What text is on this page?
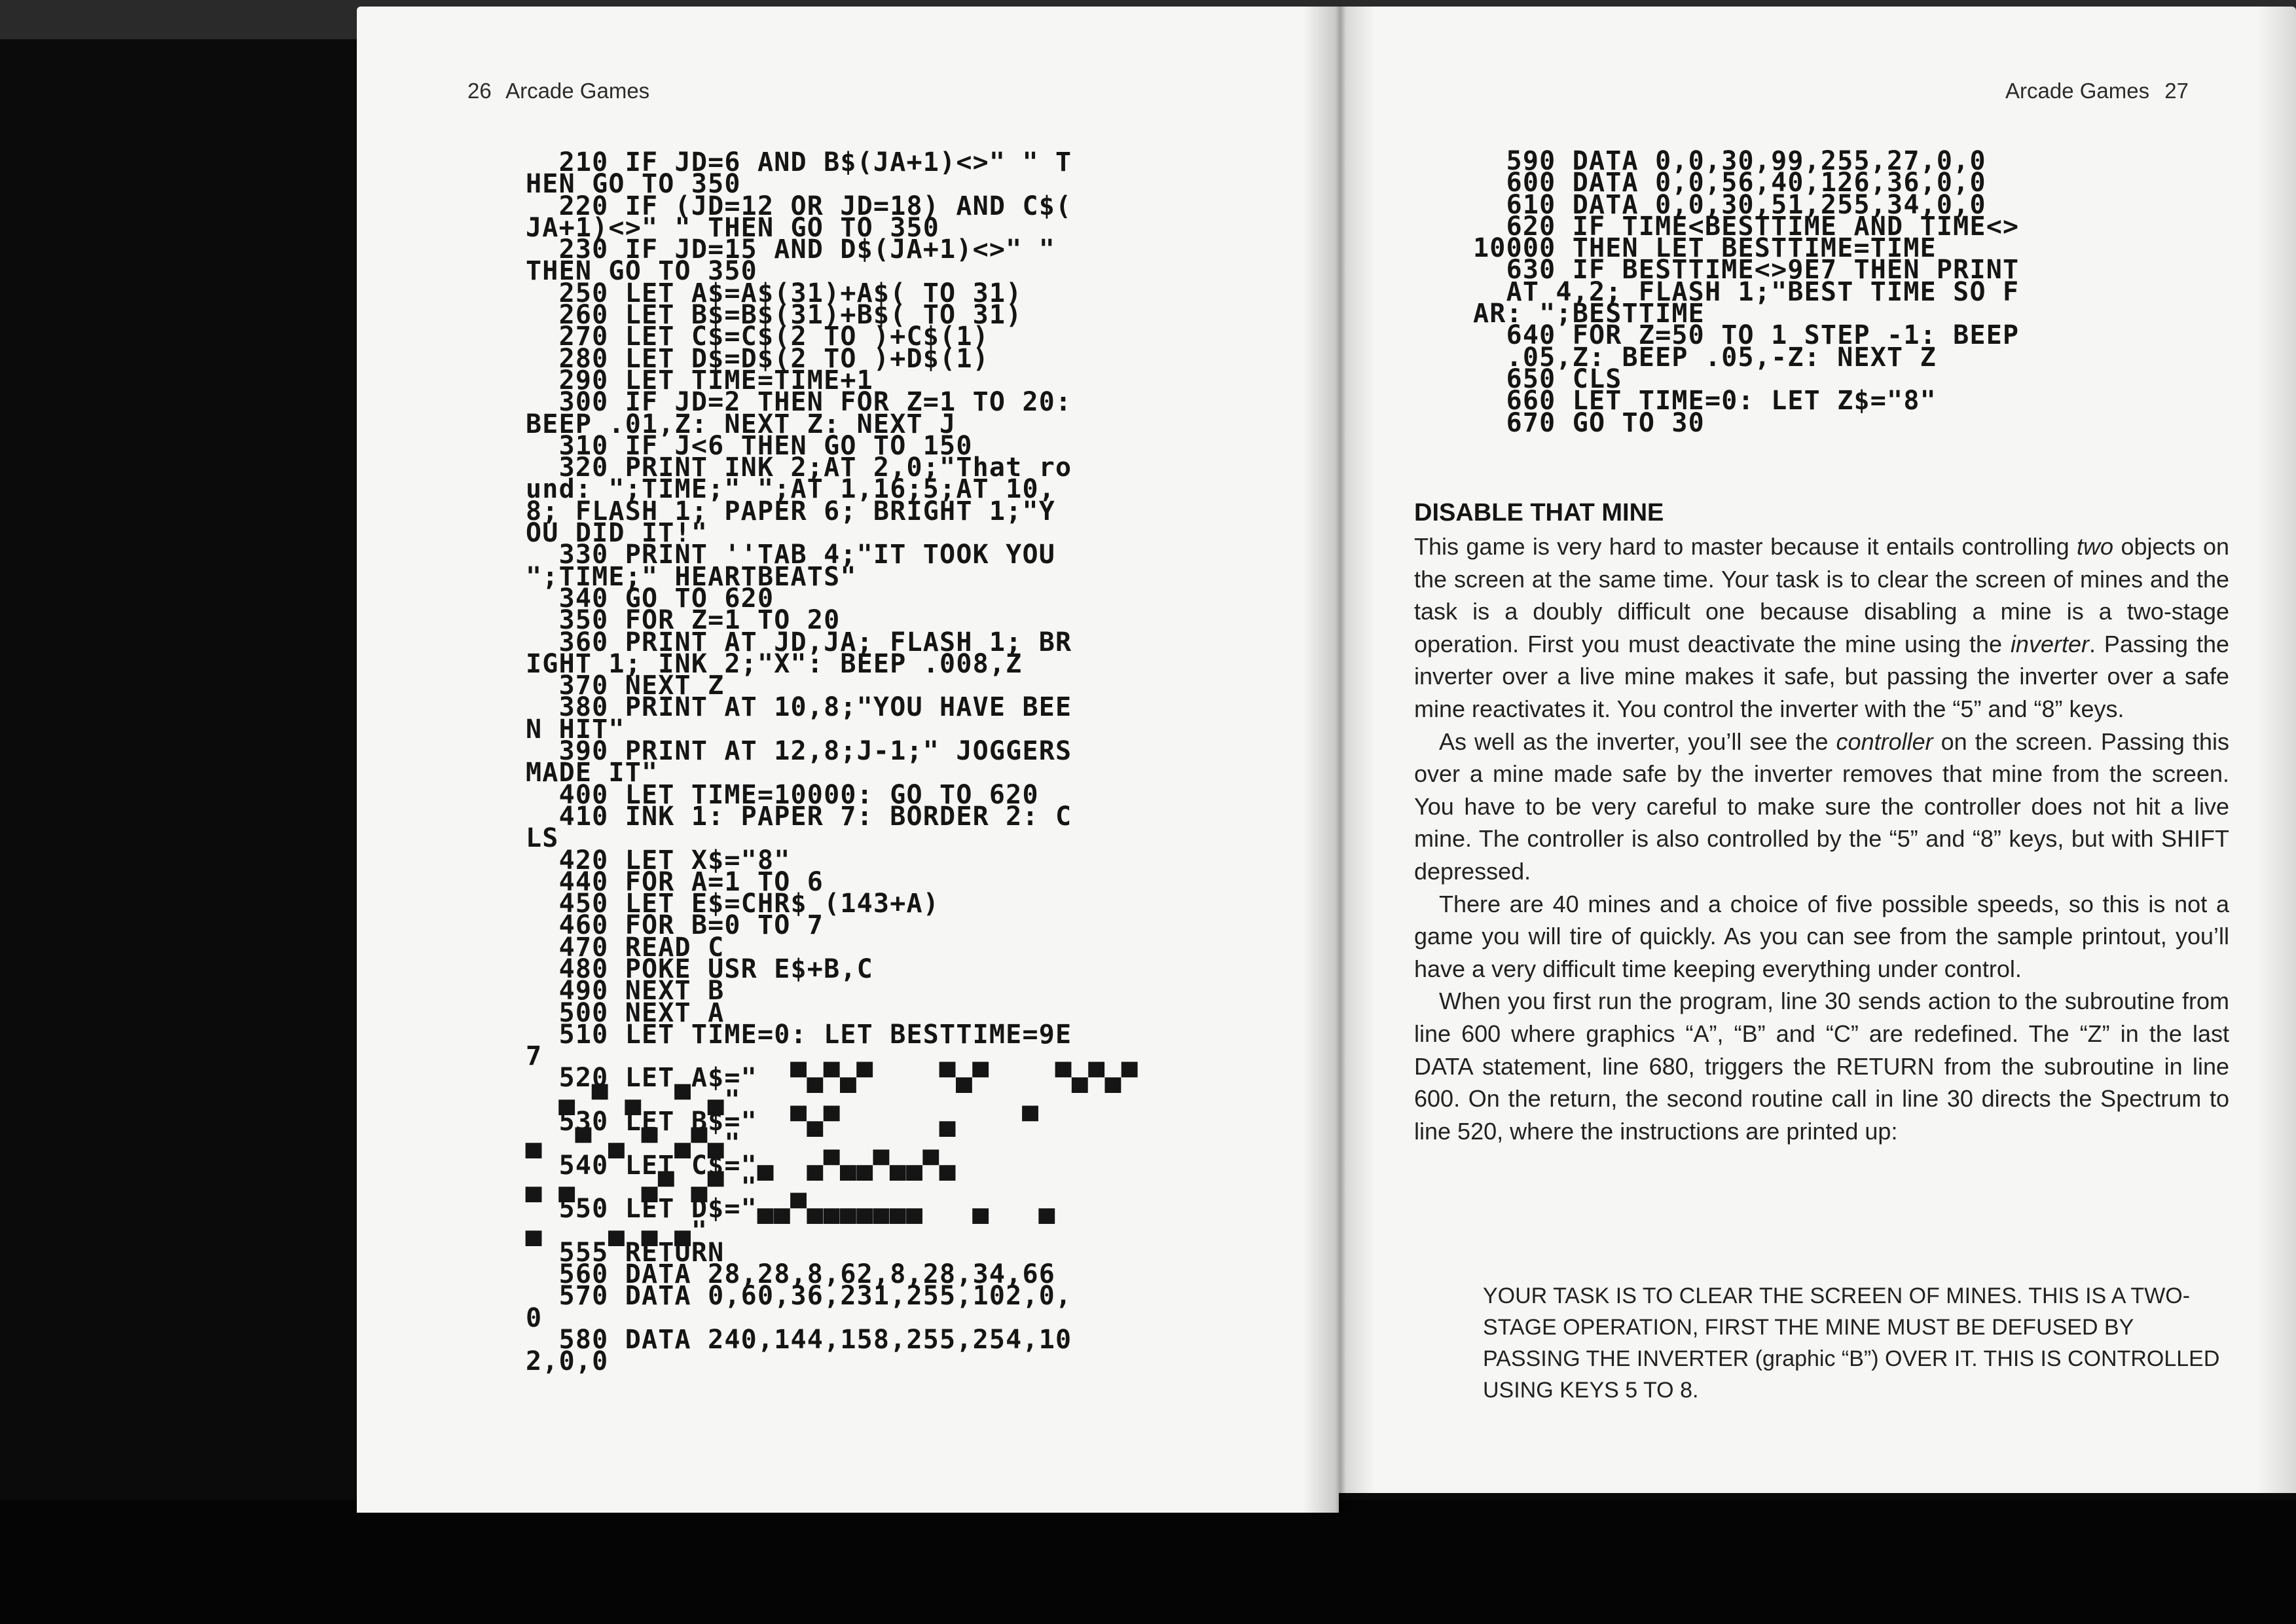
26 Arcade Games
210 IF JD=6 AND B$(JA+1)<>" " T
HEN GO TO 350
220 IF (JD=12 OR JD=18) AND C$(
JA+1)<>" " THEN GO TO 350
230 IF JD=15 AND D$(JA+1)<>" "
THEN GO TO 350
250 LET A$=A$(31)+A$( TO 31)
260 LET B$=B$(31)+B$( TO 31)
270 LET C$=C$(2 TO )+C$(1)
280 LET D$=D$(2 TO )+D$(1)
290 LET TIME=TIME+1
300 IF JD=2 THEN FOR Z=1 TO 20:
BEEP .01,Z: NEXT Z: NEXT J
310 IF J<6 THEN GO TO 150
320 PRINT INK 2;AT 2,0;"That ro
und: ";TIME;" ";AT 1,16;5;AT 10,
8; FLASH 1; PAPER 6; BRIGHT 1;"Y
OU DID IT!"
330 PRINT ''TAB 4;"IT TOOK YOU
";TIME;" HEARTBEATS"
340 GO TO 620
350 FOR Z=1 TO 20
360 PRINT AT JD,JA; FLASH 1; BR
IGHT 1; INK 2;"Ẋ": BEEP .008,Z
370 NEXT Z
380 PRINT AT 10,8;"YOU HAVE BEE
N HIT"
390 PRINT AT 12,8;J-1;" JOGGERS
MADE IT"
400 LET TIME=10000: GO TO 620
410 INK 1: PAPER 7: BORDER 2: C
LS
420 LET X$="8"
440 FOR A=1 TO 6
450 LET E$=CHR$ (143+A)
460 FOR B=0 TO 7
470 READ C
480 POKE USR E$+B,C
490 NEXT B
500 NEXT A
510 LET TIME=0: LET BESTTIME=9E
7
520 LET A$="  ▀▄▀▄▀    ▀▄▀    ▀▄▀▄▀
▄ ▀ ▄  ▀ ▄"
530 LET B$="  ▀▄▀      ▄    ▀
▄  ▀ ▄ ▀ ▄▀▄"
540 LET C$="▄  ▄▀▄▄▀▄▄▀▄
▄ ▄    ▄▀ ▄▀ "
550 LET D$="▄▄▀▄▄▄▄▄▄▄   ▄   ▄
▄    ▄ ▄ ▄"
555 RETURN
560 DATA 28,28,8,62,8,28,34,66
570 DATA 0,60,36,231,255,102,0,
0
580 DATA 240,144,158,255,254,10
2,0,0
Arcade Games 27
590 DATA 0,0,30,99,255,27,0,0
600 DATA 0,0,56,40,126,36,0,0
610 DATA 0,0,30,51,255,34,0,0
620 IF TIME<BESTTIME AND TIME<>
10000 THEN LET BESTTIME=TIME
630 IF BESTTIME<>9E7 THEN PRINT
AT 4,2; FLASH 1;"BEST TIME SO F
AR: ";BESTTIME
640 FOR Z=50 TO 1 STEP -1: BEEP
.05,Z: BEEP .05,-Z: NEXT Z
650 CLS
660 LET TIME=0: LET Z$="8"
670 GO TO 30
DISABLE THAT MINE

This game is very hard to master because it entails controlling two objects on the screen at the same time. Your task is to clear the screen of mines and the task is a doubly difficult one because disabling a mine is a two-stage operation. First you must deactivate the mine using the inverter. Passing the inverter over a live mine makes it safe, but passing the inverter over a safe mine reactivates it. You control the inverter with the “5” and “8” keys.

As well as the inverter, you’ll see the controller on the screen. Passing this over a mine made safe by the inverter removes that mine from the screen. You have to be very careful to make sure the controller does not hit a live mine. The controller is also controlled by the “5” and “8” keys, but with SHIFT depressed.

There are 40 mines and a choice of five possible speeds, so this is not a game you will tire of quickly. As you can see from the sample printout, you’ll have a very difficult time keeping everything under control.

When you first run the program, line 30 sends action to the subroutine from line 600 where graphics “A”, “B” and “C” are redefined. The “Z” in the last DATA statement, line 680, triggers the RETURN from the subroutine in line 600. On the return, the second routine call in line 30 directs the Spectrum to line 520, where the instructions are printed up:

YOUR TASK IS TO CLEAR THE SCREEN OF MINES. THIS IS A TWO-STAGE OPERATION, FIRST THE MINE MUST BE DEFUSED BY PASSING THE INVERTER (graphic “B”) OVER IT. THIS IS CONTROLLED USING KEYS 5 TO 8.
